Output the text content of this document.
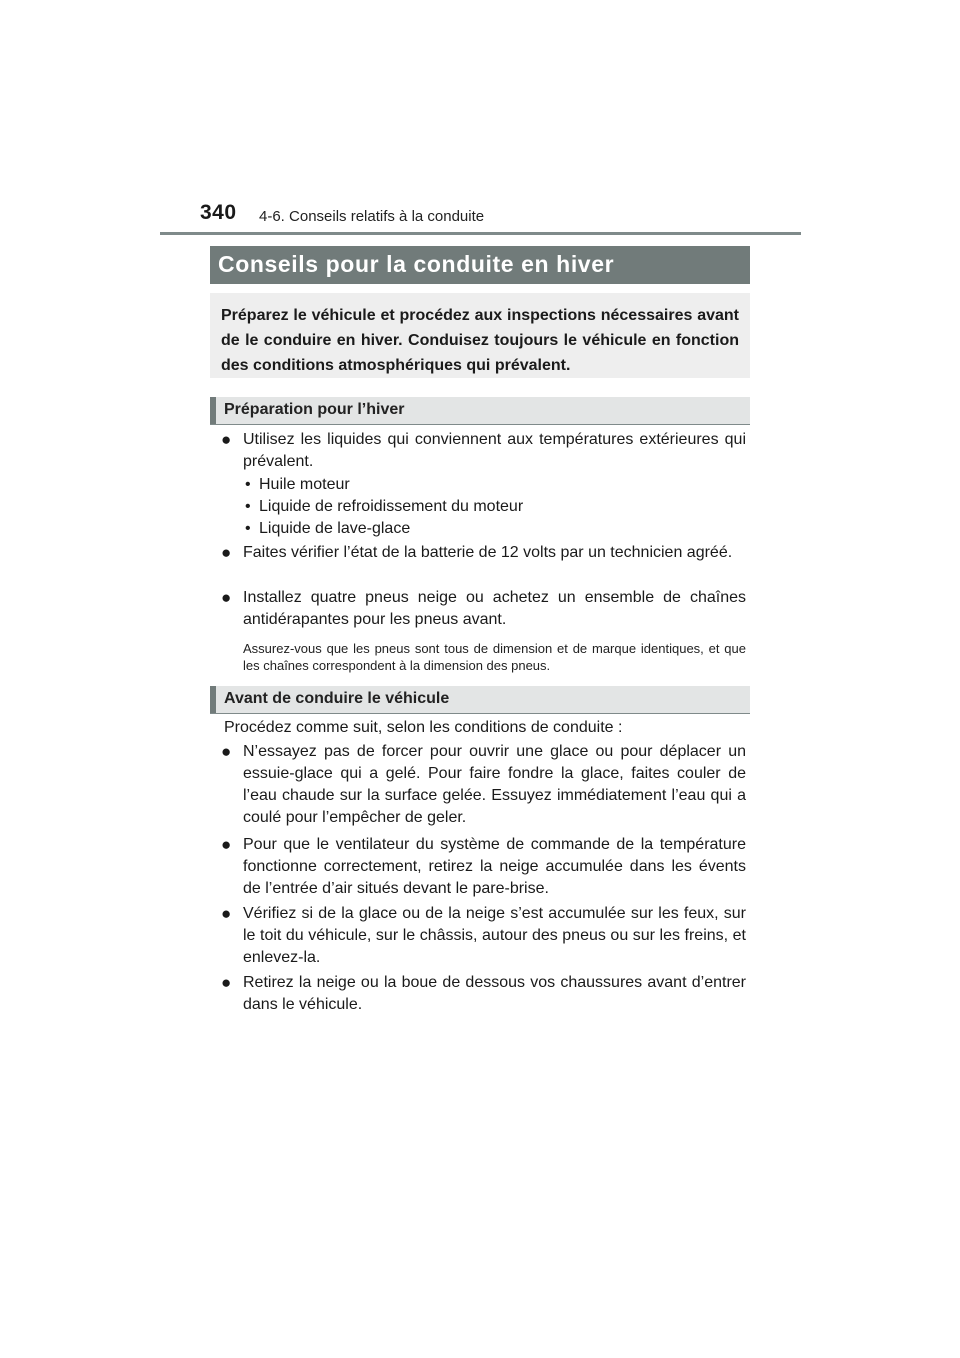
340 4-6. Conseils relatifs à la conduite
Conseils pour la conduite en hiver

Préparez le véhicule et procédez aux inspections nécessaires avant de le conduire en hiver. Conduisez toujours le véhicule en fonction des conditions atmosphériques qui prévalent.

Préparation pour l’hiver
● Utilisez les liquides qui conviennent aux températures extérieures qui prévalent.
• Huile moteur
• Liquide de refroidissement du moteur
• Liquide de lave-glace
● Faites vérifier l’état de la batterie de 12 volts par un technicien agréé.
● Installez quatre pneus neige ou achetez un ensemble de chaînes antidérapantes pour les pneus avant.
Assurez-vous que les pneus sont tous de dimension et de marque identiques, et que les chaînes correspondent à la dimension des pneus.
Avant de conduire le véhicule
Procédez comme suit, selon les conditions de conduite :
● N’essayez pas de forcer pour ouvrir une glace ou pour déplacer un essuie-glace qui a gelé. Pour faire fondre la glace, faites couler de l’eau chaude sur la surface gelée. Essuyez immédiatement l’eau qui a coulé pour l’empêcher de geler.
● Pour que le ventilateur du système de commande de la température fonctionne correctement, retirez la neige accumulée dans les évents de l’entrée d’air situés devant le pare-brise.
● Vérifiez si de la glace ou de la neige s’est accumulée sur les feux, sur le toit du véhicule, sur le châssis, autour des pneus ou sur les freins, et enlevez-la.
● Retirez la neige ou la boue de dessous vos chaussures avant d’entrer dans le véhicule.
